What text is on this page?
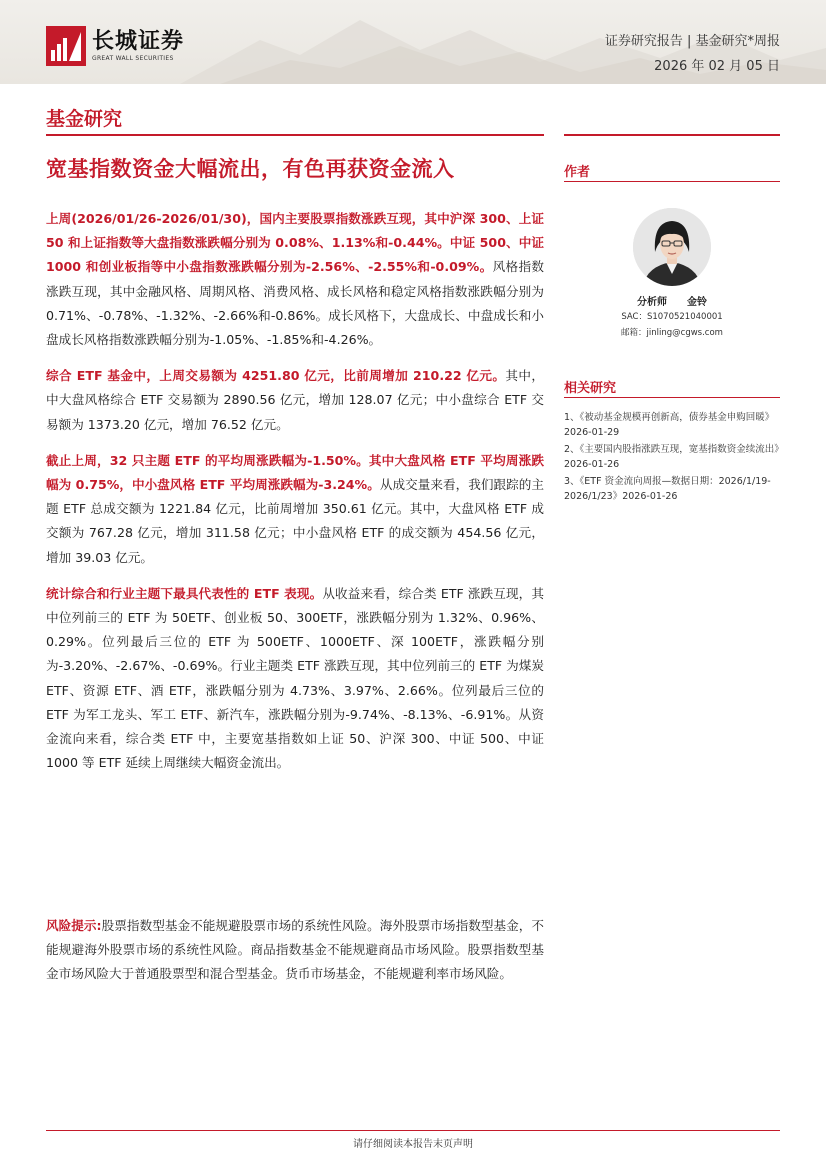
长城证券
GREAT WALL SECURITIES
证券研究报告 | 基金研究*周报
2026 年 02 月 05 日
基金研究
宽基指数资金大幅流出，有色再获资金流入

上周(2026/01/26-2026/01/30)，国内主要股票指数涨跌互现，其中沪深 300、上证 50 和上证指数等大盘指数涨跌幅分别为 0.08%、1.13%和-0.44%。中证 500、中证 1000 和创业板指等中小盘指数涨跌幅分别为-2.56%、-2.55%和-0.09%。风格指数涨跌互现，其中金融风格、周期风格、消费风格、成长风格和稳定风格指数涨跌幅分别为 0.71%、-0.78%、-1.32%、-2.66%和-0.86%。成长风格下，大盘成长、中盘成长和小盘成长风格指数涨跌幅分别为-1.05%、-1.85%和-4.26%。

综合 ETF 基金中，上周交易额为 4251.80 亿元，比前周增加 210.22 亿元。其中，中大盘风格综合 ETF 交易额为 2890.56 亿元，增加 128.07 亿元；中小盘综合 ETF 交易额为 1373.20 亿元，增加 76.52 亿元。

截止上周，32 只主题 ETF 的平均周涨跌幅为-1.50%。其中大盘风格 ETF 平均周涨跌幅为 0.75%，中小盘风格 ETF 平均周涨跌幅为-3.24%。从成交量来看，我们跟踪的主题 ETF 总成交额为 1221.84 亿元，比前周增加 350.61 亿元。其中，大盘风格 ETF 成交额为 767.28 亿元，增加 311.58 亿元；中小盘风格 ETF 的成交额为 454.56 亿元，增加 39.03 亿元。

统计综合和行业主题下最具代表性的 ETF 表现。从收益来看，综合类 ETF 涨跌互现，其中位列前三的 ETF 为 50ETF、创业板 50、300ETF，涨跌幅分别为 1.32%、0.96%、0.29%。位列最后三位的 ETF 为 500ETF、1000ETF、深 100ETF，涨跌幅分别为-3.20%、-2.67%、-0.69%。行业主题类 ETF 涨跌互现，其中位列前三的 ETF 为煤炭 ETF、资源 ETF、酒 ETF，涨跌幅分别为 4.73%、3.97%、2.66%。位列最后三位的 ETF 为军工龙头、军工 ETF、新汽车，涨跌幅分别为-9.74%、-8.13%、-6.91%。从资金流向来看，综合类 ETF 中，主要宽基指数如上证 50、沪深 300、中证 500、中证 1000 等 ETF 延续上周继续大幅资金流出。

风险提示:股票指数型基金不能规避股票市场的系统性风险。海外股票市场指数型基金，不能规避海外股票市场的系统性风险。商品指数基金不能规避商品市场风险。股票指数型基金市场风险大于普通股票型和混合型基金。货币市场基金，不能规避利率市场风险。

作者
分析师　　金铃
SAC：S1070521040001
邮箱：jinling@cgws.com
相关研究
1、《被动基金规模再创新高，债券基金申购回暖》2026-01-29
2、《主要国内股指涨跌互现，宽基指数资金续流出》2026-01-26
3、《ETF 资金流向周报—数据日期：2026/1/19-2026/1/23》2026-01-26
请仔细阅读本报告末页声明
